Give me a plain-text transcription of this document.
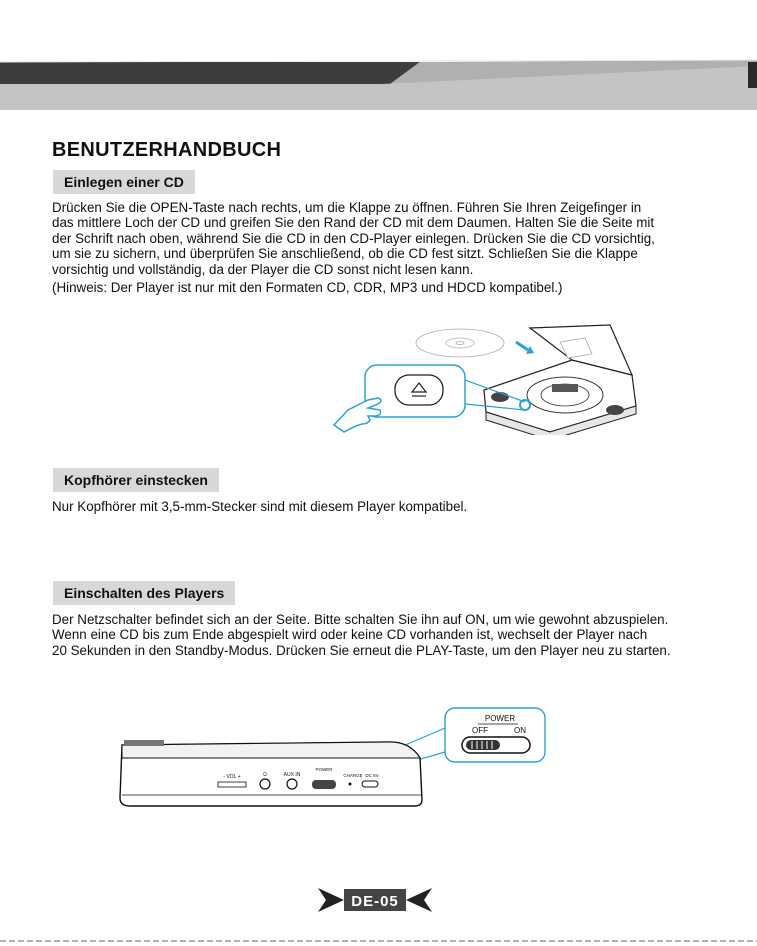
BENUTZERHANDBUCH
Einlegen einer CD

Drücken Sie die OPEN-Taste nach rechts, um die Klappe zu öffnen. Führen Sie Ihren Zeigefinger in
das mittlere Loch der CD und greifen Sie den Rand der CD mit dem Daumen. Halten Sie die Seite mit
der Schrift nach oben, während Sie die CD in den CD-Player einlegen. Drücken Sie die CD vorsichtig,
um sie zu sichern, und überprüfen Sie anschließend, ob die CD fest sitzt. Schließen Sie die Klappe
vorsichtig und vollständig, da der Player die CD sonst nicht lesen kann.

(Hinweis: Der Player ist nur mit den Formaten CD, CDR, MP3 und HDCD kompatibel.)

Kopfhörer einstecken

Nur Kopfhörer mit 3,5-mm-Stecker sind mit diesem Player kompatibel.

Einschalten des Players

Der Netzschalter befindet sich an der Seite. Bitte schalten Sie ihn auf ON, um wie gewohnt abzuspielen.
Wenn eine CD bis zum Ende abgespielt wird oder keine CD vorhanden ist, wechselt der Player nach
20 Sekunden in den Standby-Modus. Drücken Sie erneut die PLAY-Taste, um den Player neu zu starten.

POWER
OFF	ON
- VOL +	Ω	AUX IN
POWER
CHARGE DC 5V
DE-05
